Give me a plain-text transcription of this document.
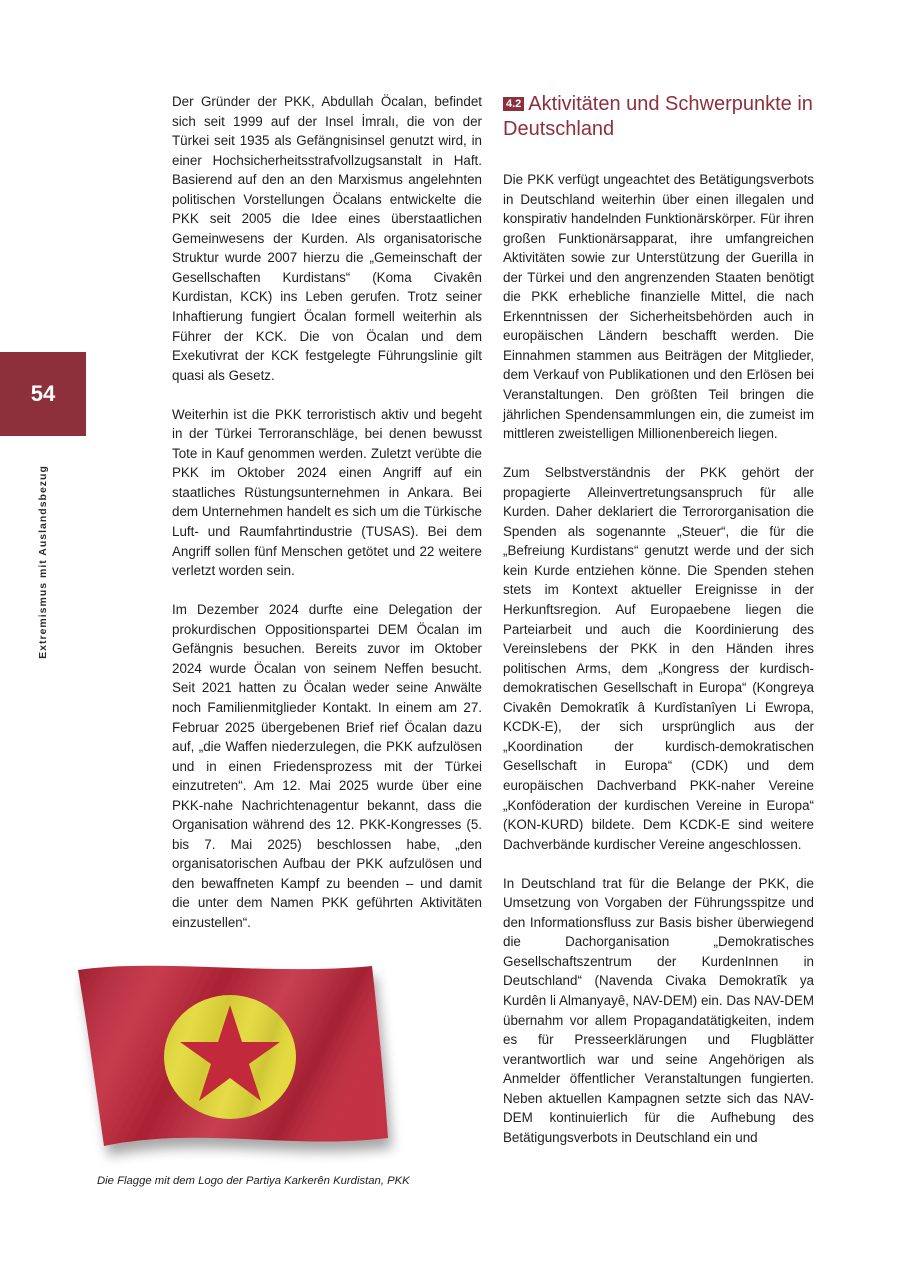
54
Extremismus mit Auslandsbezug

Der Gründer der PKK, Abdullah Öcalan, befindet sich seit 1999 auf der Insel İmralı, die von der Türkei seit 1935 als Gefängnisinsel genutzt wird, in einer Hochsicherheitsstrafvollzugsanstalt in Haft. Basierend auf den an den Marxismus angelehnten politischen Vorstellungen Öcalans entwickelte die PKK seit 2005 die Idee eines überstaatlichen Gemeinwesens der Kurden. Als organisatorische Struktur wurde 2007 hierzu die „Gemeinschaft der Gesellschaften Kurdistans“ (Koma Civakên Kurdistan, KCK) ins Leben gerufen. Trotz seiner Inhaftierung fungiert Öcalan formell weiterhin als Führer der KCK. Die von Öcalan und dem Exekutivrat der KCK festgelegte Führungslinie gilt quasi als Gesetz.

Weiterhin ist die PKK terroristisch aktiv und begeht in der Türkei Terroranschläge, bei denen bewusst Tote in Kauf genommen werden. Zuletzt verübte die PKK im Oktober 2024 einen Angriff auf ein staatliches Rüstungsunternehmen in Ankara. Bei dem Unternehmen handelt es sich um die Türkische Luft- und Raumfahrtindustrie (TUSAS). Bei dem Angriff sollen fünf Menschen getötet und 22 weitere verletzt worden sein.

Im Dezember 2024 durfte eine Delegation der prokurdischen Oppositionspartei DEM Öcalan im Gefängnis besuchen. Bereits zuvor im Oktober 2024 wurde Öcalan von seinem Neffen besucht. Seit 2021 hatten zu Öcalan weder seine Anwälte noch Familienmitglieder Kontakt. In einem am 27. Februar 2025 übergebenen Brief rief Öcalan dazu auf, „die Waffen niederzulegen, die PKK aufzulösen und in einen Friedensprozess mit der Türkei einzutreten“. Am 12. Mai 2025 wurde über eine PKK-nahe Nachrichtenagentur bekannt, dass die Organisation während des 12. PKK-Kongresses (5. bis 7. Mai 2025) beschlossen habe, „den organisatorischen Aufbau der PKK aufzulösen und den bewaffneten Kampf zu beenden – und damit die unter dem Namen PKK geführten Aktivitäten einzustellen“.

4.2 Aktivitäten und Schwerpunkte in Deutschland

Die PKK verfügt ungeachtet des Betätigungsverbots in Deutschland weiterhin über einen illegalen und konspirativ handelnden Funktionärskörper. Für ihren großen Funktionärsapparat, ihre umfangreichen Aktivitäten sowie zur Unterstützung der Guerilla in der Türkei und den angrenzenden Staaten benötigt die PKK erhebliche finanzielle Mittel, die nach Erkenntnissen der Sicherheitsbehörden auch in europäischen Ländern beschafft werden. Die Einnahmen stammen aus Beiträgen der Mitglieder, dem Verkauf von Publikationen und den Erlösen bei Veranstaltungen. Den größten Teil bringen die jährlichen Spendensammlungen ein, die zumeist im mittleren zweistelligen Millionenbereich liegen.

Zum Selbstverständnis der PKK gehört der propagierte Alleinvertretungsanspruch für alle Kurden. Daher deklariert die Terrororganisation die Spenden als sogenannte „Steuer“, die für die „Befreiung Kurdistans“ genutzt werde und der sich kein Kurde entziehen könne. Die Spenden stehen stets im Kontext aktueller Ereignisse in der Herkunftsregion. Auf Europaebene liegen die Parteiarbeit und auch die Koordinierung des Vereinslebens der PKK in den Händen ihres politischen Arms, dem „Kongress der kurdisch-demokratischen Gesellschaft in Europa“ (Kongreya Civakên Demokratîk â Kurdîstanîyen Li Ewropa, KCDK-E), der sich ursprünglich aus der „Koordination der kurdisch-demokratischen Gesellschaft in Europa“ (CDK) und dem europäischen Dachverband PKK-naher Vereine „Konföderation der kurdischen Vereine in Europa“ (KON-KURD) bildete. Dem KCDK-E sind weitere Dachverbände kurdischer Vereine angeschlossen.

In Deutschland trat für die Belange der PKK, die Umsetzung von Vorgaben der Führungsspitze und den Informationsfluss zur Basis bisher überwiegend die Dachorganisation „Demokratisches Gesellschaftszentrum der KurdenInnen in Deutschland“ (Navenda Civaka Demokratîk ya Kurdên li Almanyayê, NAV-DEM) ein. Das NAV-DEM übernahm vor allem Propagandatätigkeiten, indem es für Presseerklärungen und Flugblätter verantwortlich war und seine Angehörigen als Anmelder öffentlicher Veranstaltungen fungierten. Neben aktuellen Kampagnen setzte sich das NAV-DEM kontinuierlich für die Aufhebung des Betätigungsverbots in Deutschland ein und

Die Flagge mit dem Logo der Partiya Karkerên Kurdistan, PKK
